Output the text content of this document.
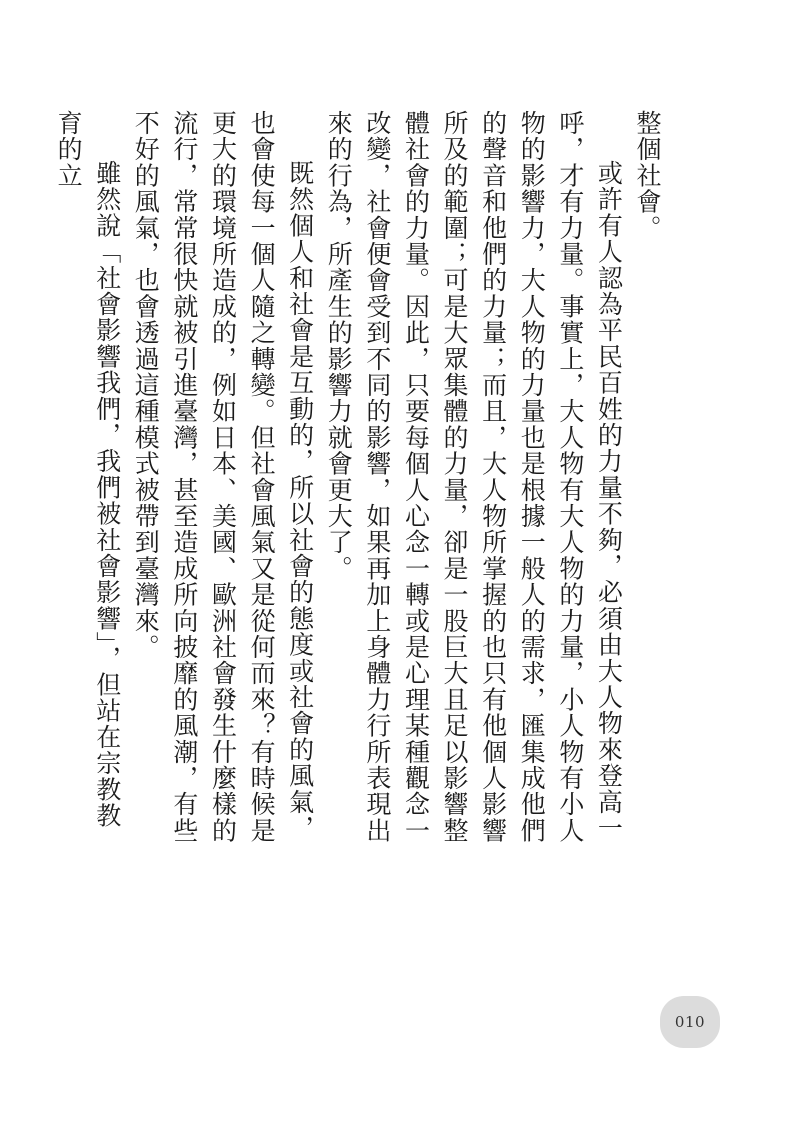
整個社會。

或許有人認為平民百姓的力量不夠，必須由大人物來登高一呼，才有力量。事實上，大人物有大人物的力量，小人物有小人物的影響力，大人物的力量也是根據一般人的需求，匯集成他們的聲音和他們的力量；而且，大人物所掌握的也只有他個人影響所及的範圍；可是大眾集體的力量，卻是一股巨大且足以影響整體社會的力量。因此，只要每個人心念一轉或是心理某種觀念一改變，社會便會受到不同的影響，如果再加上身體力行所表現出來的行為，所產生的影響力就會更大了。

既然個人和社會是互動的，所以社會的態度或社會的風氣，也會使每一個人隨之轉變。但社會風氣又是從何而來？有時候是更大的環境所造成的，例如日本、美國、歐洲社會發生什麼樣的流行，常常很快就被引進臺灣，甚至造成所向披靡的風潮，有些不好的風氣，也會透過這種模式被帶到臺灣來。

雖然說「社會影響我們，我們被社會影響」，但站在宗教教育的立

010
